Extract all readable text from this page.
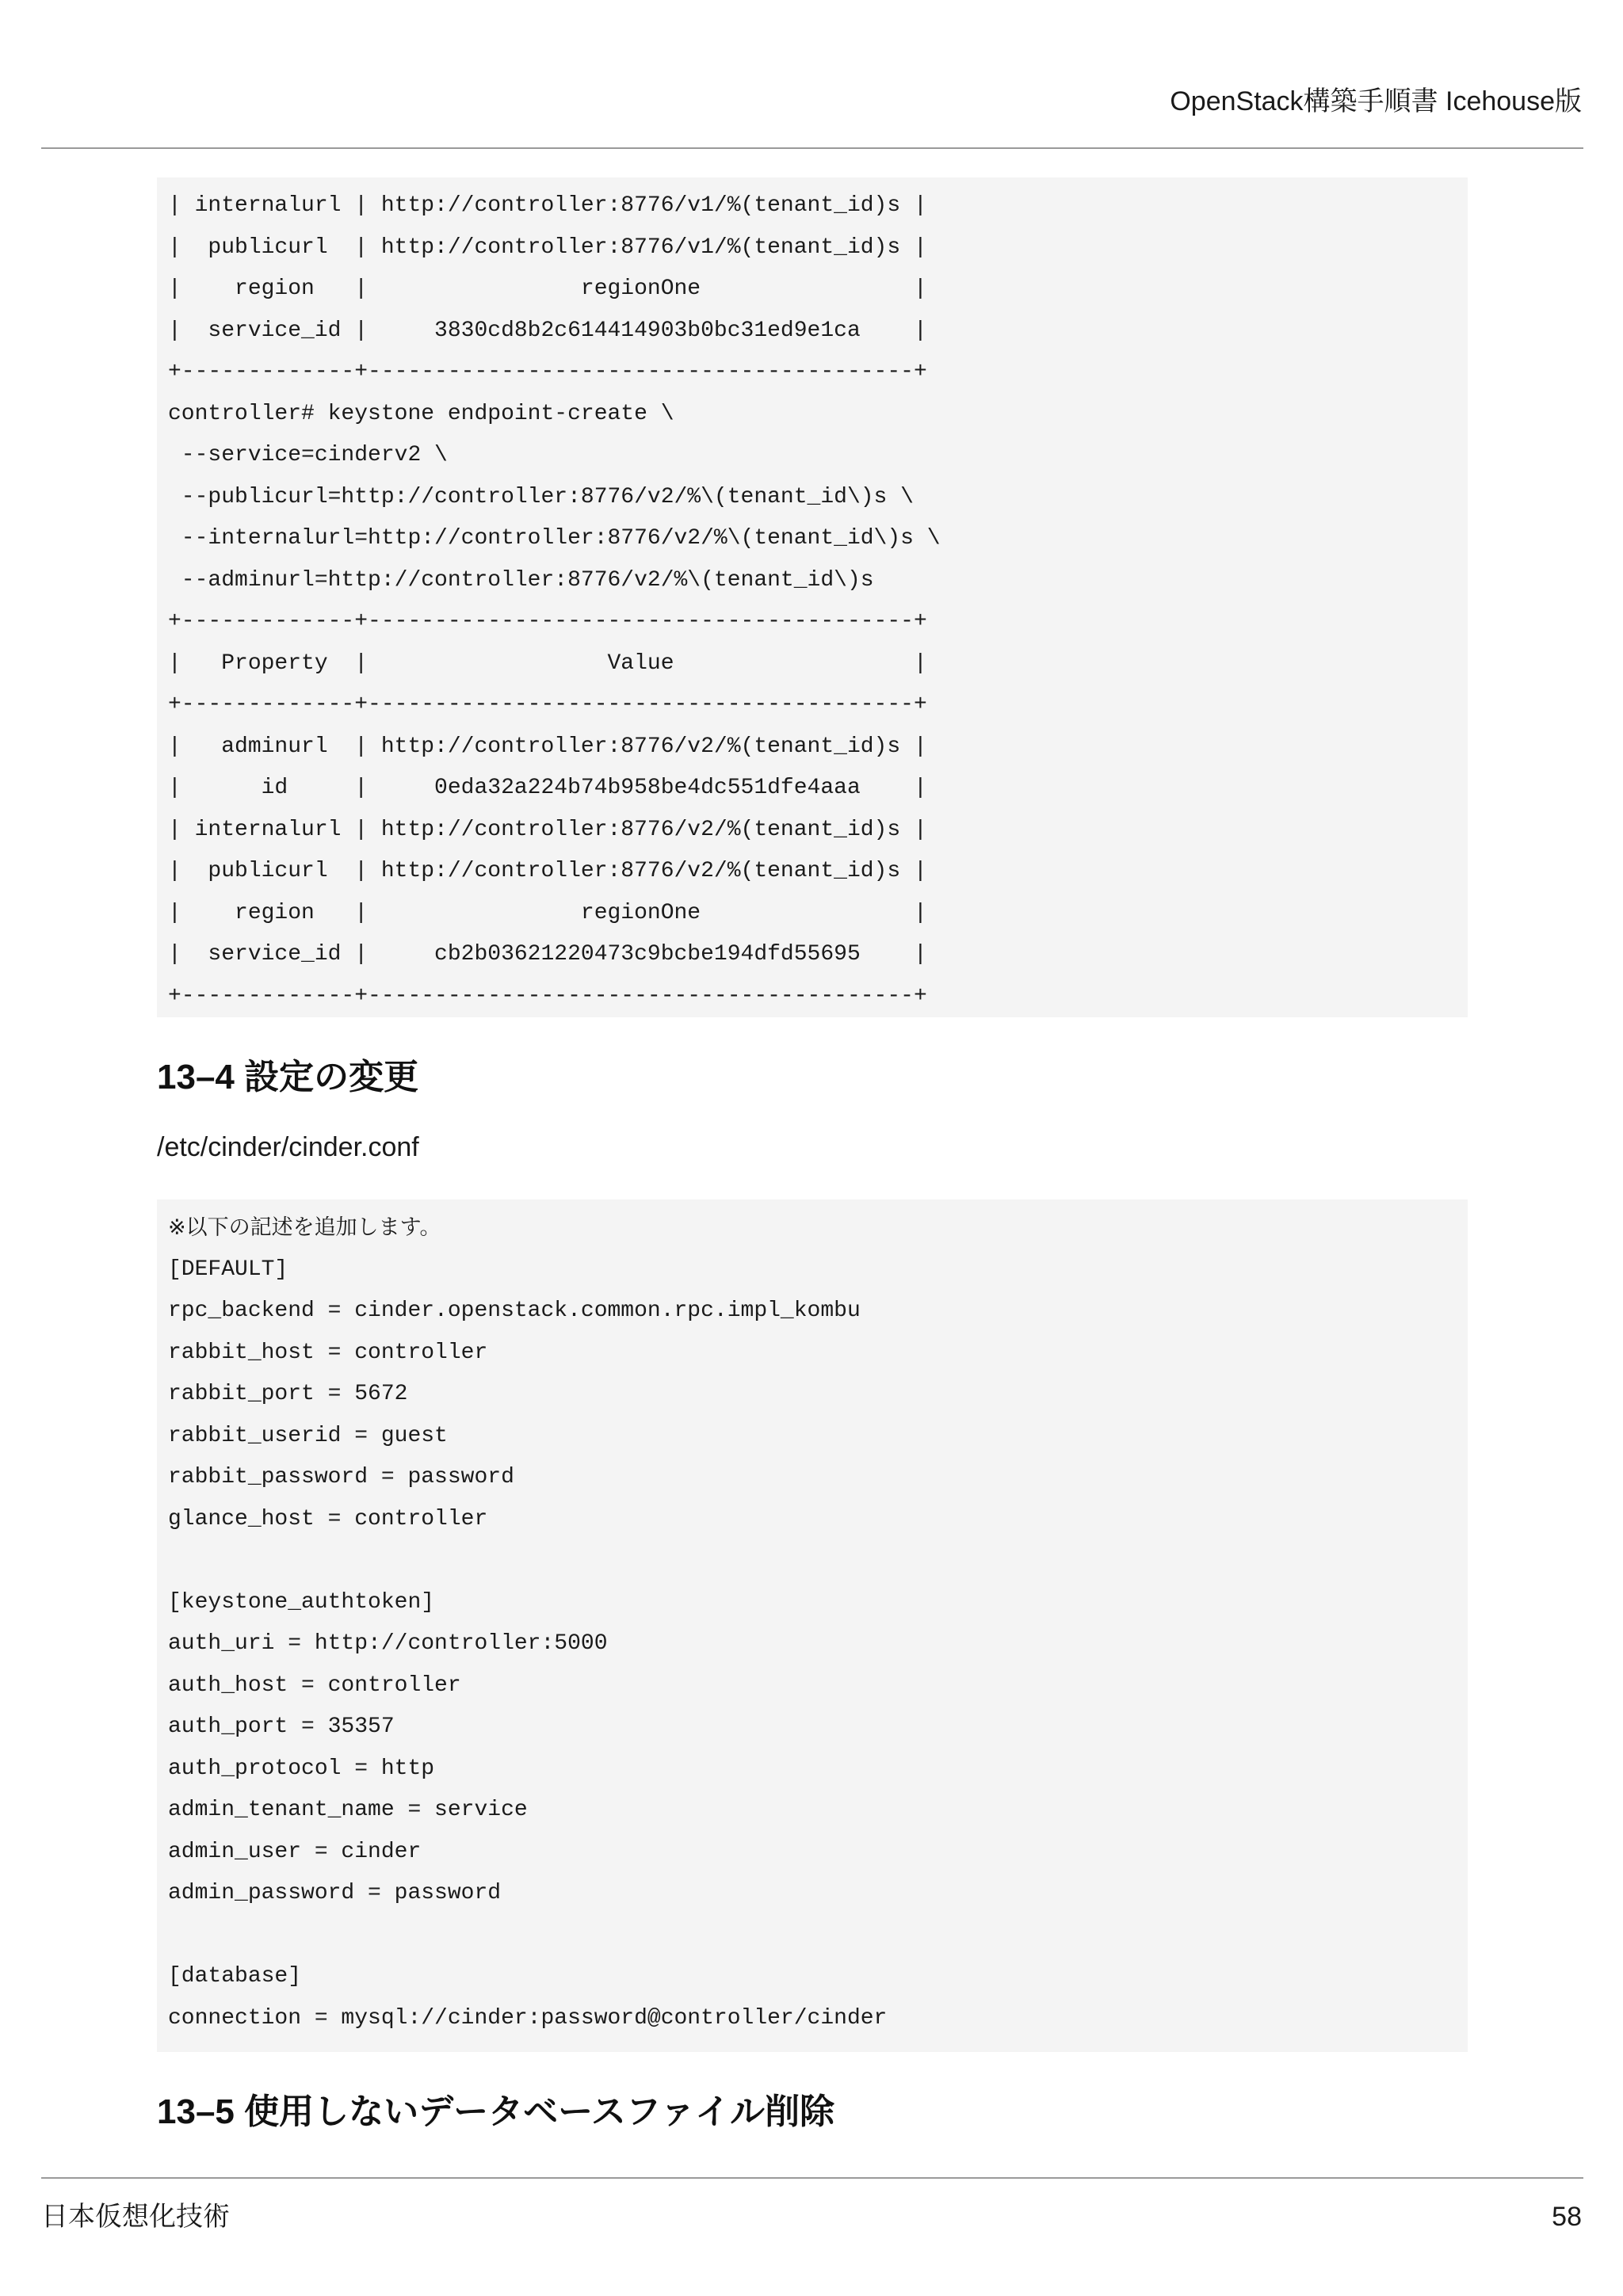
OpenStack構築手順書 Icehouse版
| internalurl | http://controller:8776/v1/%(tenant_id)s |
|  publicurl  | http://controller:8776/v1/%(tenant_id)s |
|    region   |                regionOne                |
|  service_id |     3830cd8b2c614414903b0bc31ed9e1ca    |
+-------------+-----------------------------------------+
controller# keystone endpoint-create \
--service=cinderv2 \
--publicurl=http://controller:8776/v2/%\(tenant_id\)s \
--internalurl=http://controller:8776/v2/%\(tenant_id\)s \
--adminurl=http://controller:8776/v2/%\(tenant_id\)s
+-------------+-----------------------------------------+
|   Property  |                  Value                  |
+-------------+-----------------------------------------+
|   adminurl  | http://controller:8776/v2/%(tenant_id)s |
|      id     |     0eda32a224b74b958be4dc551dfe4aaa    |
| internalurl | http://controller:8776/v2/%(tenant_id)s |
|  publicurl  | http://controller:8776/v2/%(tenant_id)s |
|    region   |                regionOne                |
|  service_id |     cb2b03621220473c9bcbe194dfd55695    |
+-------------+-----------------------------------------+
13–4 設定の変更
/etc/cinder/cinder.conf
※以下の記述を追加します。
[DEFAULT]
rpc_backend = cinder.openstack.common.rpc.impl_kombu
rabbit_host = controller
rabbit_port = 5672
rabbit_userid = guest
rabbit_password = password
glance_host = controller
[keystone_authtoken]
auth_uri = http://controller:5000
auth_host = controller
auth_port = 35357
auth_protocol = http
admin_tenant_name = service
admin_user = cinder
admin_password = password
[database]
connection = mysql://cinder:password@controller/cinder
13–5 使用しないデータベースファイル削除
日本仮想化技術	58
